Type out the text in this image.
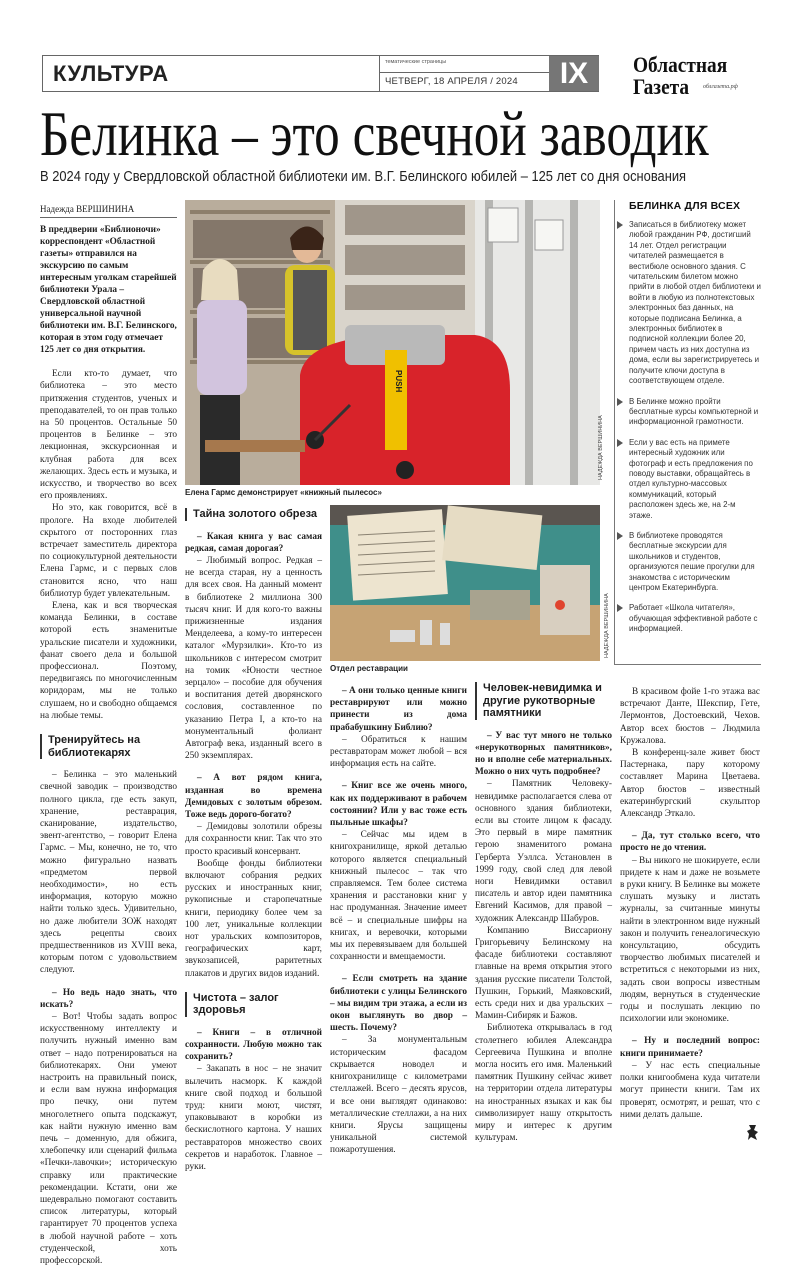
КУЛЬТУРА	тематические страницы
ЧЕТВЕРГ, 18 АПРЕЛЯ / 2024	IX	Областная
Газета облгазета.рф
Белинка – это свечной заводик
В 2024 году у Свердловской областной библиотеки им. В.Г. Белинского юбилей – 125 лет со дня основания
PUSH
НАДЕЖДА ВЕРШИНИНА
Елена Гармс демонстрирует «книжный пылесос»
НАДЕЖДА ВЕРШИНИНА
Отдел реставрации
БЕЛИНКА ДЛЯ ВСЕХ
Записаться в библиотеку может любой гражданин РФ, достигший 14 лет. Отдел регистрации читателей размещается в вестибюле основного здания. С читательским билетом можно прийти в любой отдел библиотеки и войти в любую из полнотекстовых электронных баз данных, на которые подписана Белинка, а электронных библиотек в подписной коллекции более 20, причем часть из них доступна из дома, если вы зарегистрируетесь и получите ключи доступа в соответствующем отделе.
В Белинке можно пройти бесплатные курсы компьютерной и информационной грамотности.
Если у вас есть на примете интересный художник или фотограф и есть предложения по поводу выставки, обращайтесь в отдел культурно-массовых коммуникаций, который расположен здесь же, на 2-м этаже.
В библиотеке проводятся бесплатные экскурсии для школьников и студентов, организуются пешие прогулки для знакомства с историческим центром Екатеринбурга.
Работает «Школа читателя», обучающая эффективной работе с информацией.

Надежда ВЕРШИНИНА

В преддверии «Библионочи» корреспондент «Областной газеты» отправился на экскурсию по самым интересным уголкам старейшей библиотеки Урала – Свердловской областной универсальной научной библиотеки им. В.Г. Белинского, которая в этом году отмечает 125 лет со дня открытия.

Если кто-то думает, что библиотека – это место притяжения студентов, ученых и преподавателей, то он прав только на 50 процентов. Остальные 50 процентов в Белинке – это лекционная, экскурсионная и клубная работа для всех желающих. Здесь есть и музыка, и искусство, и творчество во всех его проявлениях.

Но это, как говорится, всё в прологе. На входе любителей скрытого от посторонних глаз встречает заместитель директора по социокультурной деятельности Елена Гармс, и с первых слов становится ясно, что наш библиотур будет увлекательным.

Елена, как и вся творческая команда Белинки, в составе которой есть знаменитые уральские писатели и художники, фанат своего дела и большой профессионал. Поэтому, передвигаясь по многочисленным коридорам, мы не только слушаем, но и свободно общаемся на любые темы.

Тренируйтесь на библиотекарях

– Белинка – это маленький свечной заводик – производство полного цикла, где есть закуп, хранение, реставрация, сканирование, издательство, эвент-агентство, – говорит Елена Гармс. – Мы, конечно, не то, что можно фигурально назвать «предметом первой необходимости», но есть информация, которую можно найти только здесь. Удивительно, но даже любители ЗОЖ находят здесь рецепты своих предшественников из XVIII века, которым потом с удовольствием следуют.

– Но ведь надо знать, что искать?

– Вот! Чтобы задать вопрос искусственному интеллекту и получить нужный именно вам ответ – надо потренироваться на библиотекарях. Они умеют настроить на правильный поиск, и если вам нужна информация про печку, они путем многолетнего опыта подскажут, как найти нужную именно вам печь – доменную, для обжига, хлебопечку или сценарий фильма «Печки-лавочки»; историческую справку или практические рекомендации. Кстати, они же шедеврально помогают составить список литературы, который гарантирует 70 процентов успеха в любой научной работе – хоть студенческой, хоть профессорской.

Тайна золотого обреза

– Какая книга у вас самая редкая, самая дорогая?

– Любимый вопрос. Редкая – не всегда старая, ну а ценность для всех своя. На данный момент в библиотеке 2 миллиона 300 тысяч книг. И для кого-то важны прижизненные издания Менделеева, а кому-то интересен каталог «Мурзилки». Кто-то из школьников с интересом смотрит на томик «Юности честное зерцало» – пособие для обучения и воспитания детей дворянского сословия, составленное по указанию Петра I, а кто-то на монументальный фолиант Автограф века, изданный всего в 250 экземплярах.

– А вот рядом книга, изданная во времена Демидовых с золотым обрезом. Тоже ведь дорого-богато?

– Демидовы золотили обрезы для сохранности книг. Так что это просто красивый консервант.

Вообще фонды библиотеки включают собрания редких русских и иностранных книг, рукописные и старопечатные книги, периодику более чем за 100 лет, уникальные коллекции нот уральских композиторов, географических карт, звукозаписей, раритетных плакатов и других видов изданий.

Чистота – залог здоровья

– Книги – в отличной сохранности. Любую можно так сохранить?

– Закапать в нос – не значит вылечить насморк. К каждой книге свой подход и большой труд: книги моют, чистят, упаковывают в коробки из бескислотного картона. У наших реставраторов множество своих секретов и наработок. Главное – руки.

– А они только ценные книги реставрируют или можно принести из дома прабабушкину Библию?

– Обратиться к нашим реставраторам может любой – вся информация есть на сайте.

– Книг все же очень много, как их поддерживают в рабочем состоянии? Или у вас тоже есть пыльные шкафы?

– Сейчас мы идем в книгохранилище, яркой деталью которого является специальный книжный пылесос – так что справляемся. Тем более система хранения и расстановки книг у нас продуманная. Значение имеет всё – и специальные шифры на книгах, и веревочки, которыми мы их перевязываем для большей сохранности и вмещаемости.

– Если смотреть на здание библиотеки с улицы Белинского – мы видим три этажа, а если из окон выглянуть во двор – шесть. Почему?

– За монументальным историческим фасадом скрывается новодел и книгохранилище с километрами стеллажей. Всего – десять ярусов, и все они выглядят одинаково: металлические стеллажи, а на них книги. Ярусы защищены уникальной системой пожаротушения.

Человек-невидимка и другие рукотворные памятники

– У вас тут много не только «нерукотворных памятников», но и вполне себе материальных. Можно о них чуть подробнее?

– Памятник Человеку-невидимке располагается слева от основного здания библиотеки, если вы стоите лицом к фасаду. Это первый в мире памятник герою знаменитого романа Герберта Уэллса. Установлен в 1999 году, свой след для левой ноги Невидимки оставил писатель и автор идеи памятника Евгений Касимов, для правой – художник Александр Шабуров.

Компанию Виссариону Григорьевичу Белинскому на фасаде библиотеки составляют главные на время открытия этого здания русские писатели Толстой, Пушкин, Горький, Маяковский, есть среди них и два уральских – Мамин-Сибиряк и Бажов.

Библиотека открывалась в год столетнего юбилея Александра Сергеевича Пушкина и вполне могла носить его имя. Маленький памятник Пушкину сейчас живет на территории отдела литературы на иностранных языках и как бы символизирует нашу открытость миру и интерес к другим культурам.

В красивом фойе 1-го этажа вас встречают Данте, Шекспир, Гете, Лермонтов, Достоевский, Чехов. Автор всех бюстов – Людмила Кружалова.

В конференц-зале живет бюст Пастернака, пару которому составляет Марина Цветаева. Автор бюстов – известный екатеринбургский скульптор Александр Эткало.

– Да, тут столько всего, что просто не до чтения.

– Вы никого не шокируете, если придете к нам и даже не возьмете в руки книгу. В Белинке вы можете слушать музыку и листать журналы, за считанные минуты найти в электронном виде нужный закон и получить генеалогическую консультацию, обсудить творчество любимых писателей и встретиться с некоторыми из них, задать свои вопросы известным людям, вернуться в студенческие годы и послушать лекцию по психологии или экономике.

– Ну и последний вопрос: книги принимаете?

– У нас есть специальные полки книгообмена куда читатели могут принести книги. Там их проверят, осмотрят, и решат, что с ними делать дальше.
